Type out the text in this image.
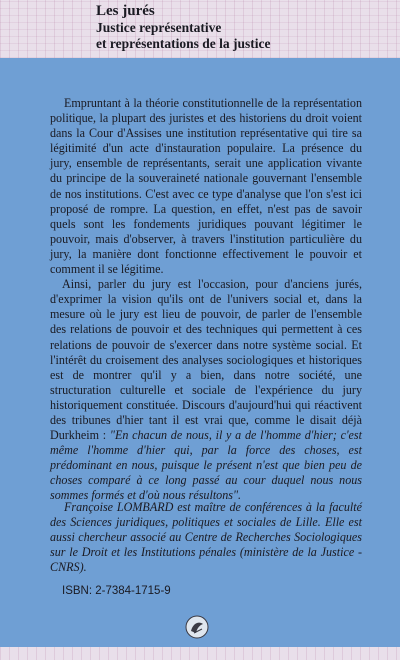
Les jurés

Justice représentative

et représentations de la justice

Empruntant à la théorie constitutionnelle de la représentation politique, la plupart des juristes et des historiens du droit voient dans la Cour d'Assises une institution représentative qui tire sa légitimité d'un acte d'instauration populaire. La présence du jury, ensemble de représentants, serait une application vivante du principe de la souveraineté nationale gouvernant l'ensemble de nos institutions. C'est avec ce type d'analyse que l'on s'est ici proposé de rompre. La question, en effet, n'est pas de savoir quels sont les fondements juridiques pouvant légitimer le pouvoir, mais d'observer, à travers l'institution particulière du jury, la manière dont fonctionne effectivement le pouvoir et comment il se légitime.

Ainsi, parler du jury est l'occasion, pour d'anciens jurés, d'exprimer la vision qu'ils ont de l'univers social et, dans la mesure où le jury est lieu de pouvoir, de parler de l'ensemble des relations de pouvoir et des techniques qui permettent à ces relations de pouvoir de s'exercer dans notre système social. Et l'intérêt du croisement des analyses sociologiques et historiques est de montrer qu'il y a bien, dans notre société, une structuration culturelle et sociale de l'expérience du jury historiquement constituée. Discours d'aujourd'hui qui réactivent des tribunes d'hier tant il est vrai que, comme le disait déjà Durkheim : "En chacun de nous, il y a de l'homme d'hier; c'est même l'homme d'hier qui, par la force des choses, est prédominant en nous, puisque le présent n'est que bien peu de choses comparé à ce long passé au cour duquel nous nous sommes formés et d'où nous résultons".

Françoise LOMBARD est maître de conférences à la faculté des Sciences juridiques, politiques et sociales de Lille. Elle est aussi chercheur associé au Centre de Recherches Sociologiques sur le Droit et les Institutions pénales (ministère de la Justice - CNRS).

ISBN: 2-7384-1715-9
